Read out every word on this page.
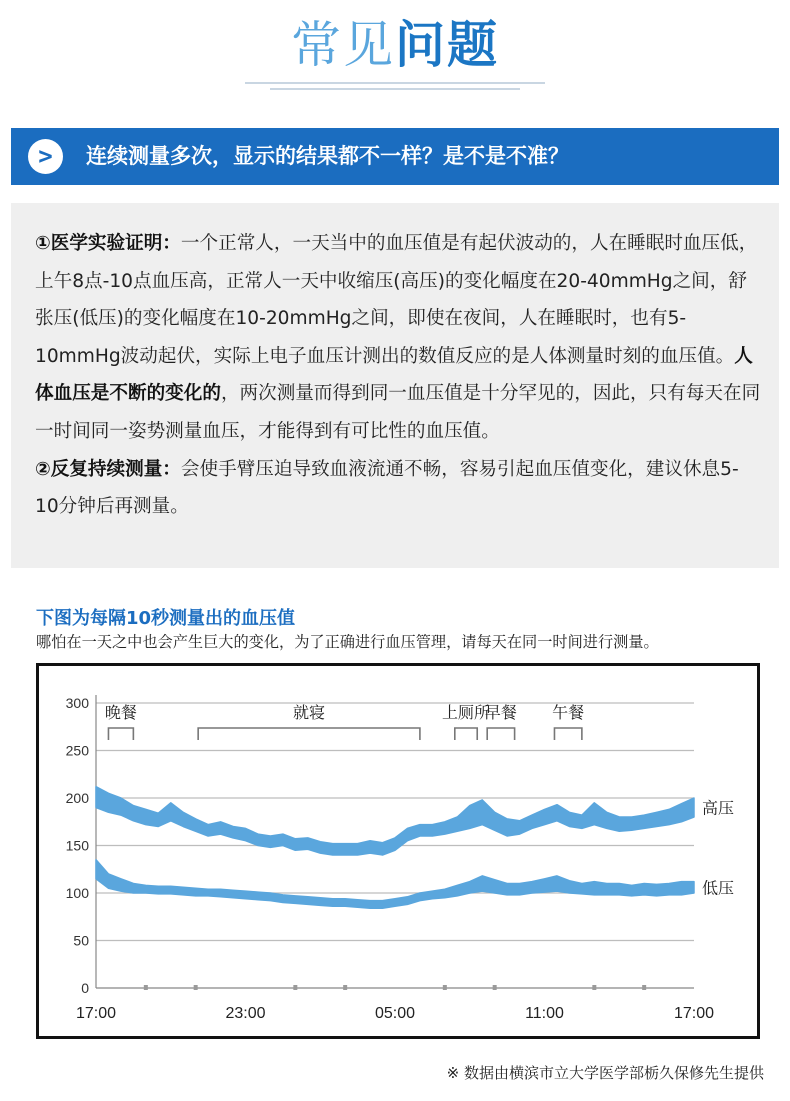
常见问题
>	连续测量多次，显示的结果都不一样？是不是不准？
①医学实验证明：一个正常人，一天当中的血压值是有起伏波动的，人在睡眠时血压低，上午8点-10点血压高，正常人一天中收缩压(高压)的变化幅度在20-40mmHg之间，舒张压(低压)的变化幅度在10-20mmHg之间，即使在夜间，人在睡眠时，也有5-10mmHg波动起伏，实际上电子血压计测出的数值反应的是人体测量时刻的血压值。人体血压是不断的变化的，两次测量而得到同一血压值是十分罕见的，因此，只有每天在同一时间同一姿势测量血压，才能得到有可比性的血压值。
②反复持续测量：会使手臂压迫导致血液流通不畅，容易引起血压值变化，建议休息5-10分钟后再测量。
下图为每隔10秒测量出的血压值
哪怕在一天之中也会产生巨大的变化，为了正确进行血压管理，请每天在同一时间进行测量。
0
50
100
150
200
250
300
17:00	23:00	05:00	11:00	17:00
晚餐	就寝	上厕所
早餐 午餐
高压
低压
※ 数据由横滨市立大学医学部栃久保修先生提供
